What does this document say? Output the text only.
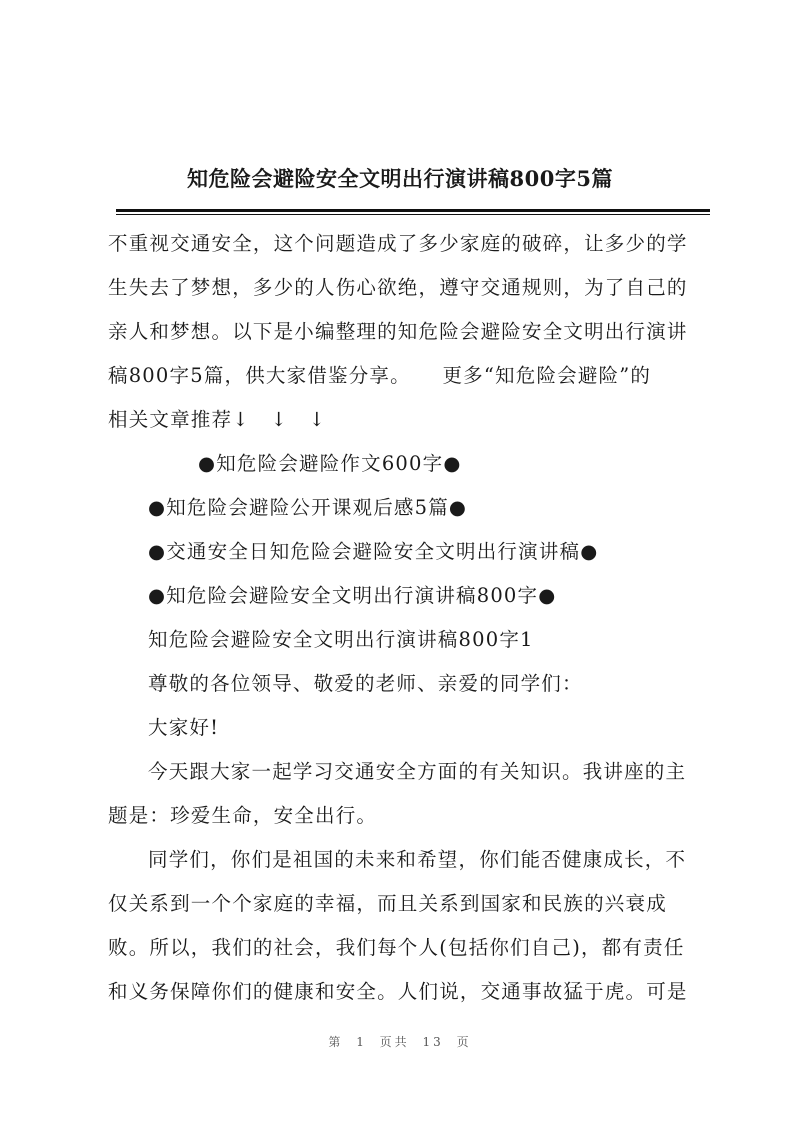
知危险会避险安全文明出行演讲稿800字5篇
不重视交通安全，这个问题造成了多少家庭的破碎，让多少的学
生失去了梦想，多少的人伤心欲绝，遵守交通规则，为了自己的
亲人和梦想。以下是小编整理的知危险会避险安全文明出行演讲
稿800字5篇，供大家借鉴分享。　　更多“知危险会避险”的
相关文章推荐↓　↓　↓
●知危险会避险作文600字●
●知危险会避险公开课观后感5篇●
●交通安全日知危险会避险安全文明出行演讲稿●
●知危险会避险安全文明出行演讲稿800字●
知危险会避险安全文明出行演讲稿800字1
尊敬的各位领导、敬爱的老师、亲爱的同学们：
大家好!
今天跟大家一起学习交通安全方面的有关知识。我讲座的主
题是：珍爱生命，安全出行。
同学们，你们是祖国的未来和希望，你们能否健康成长，不
仅关系到一个个家庭的幸福，而且关系到国家和民族的兴衰成
败。所以，我们的社会，我们每个人(包括你们自己)，都有责任
和义务保障你们的健康和安全。人们说，交通事故猛于虎。可是
第 1 页共 13 页
